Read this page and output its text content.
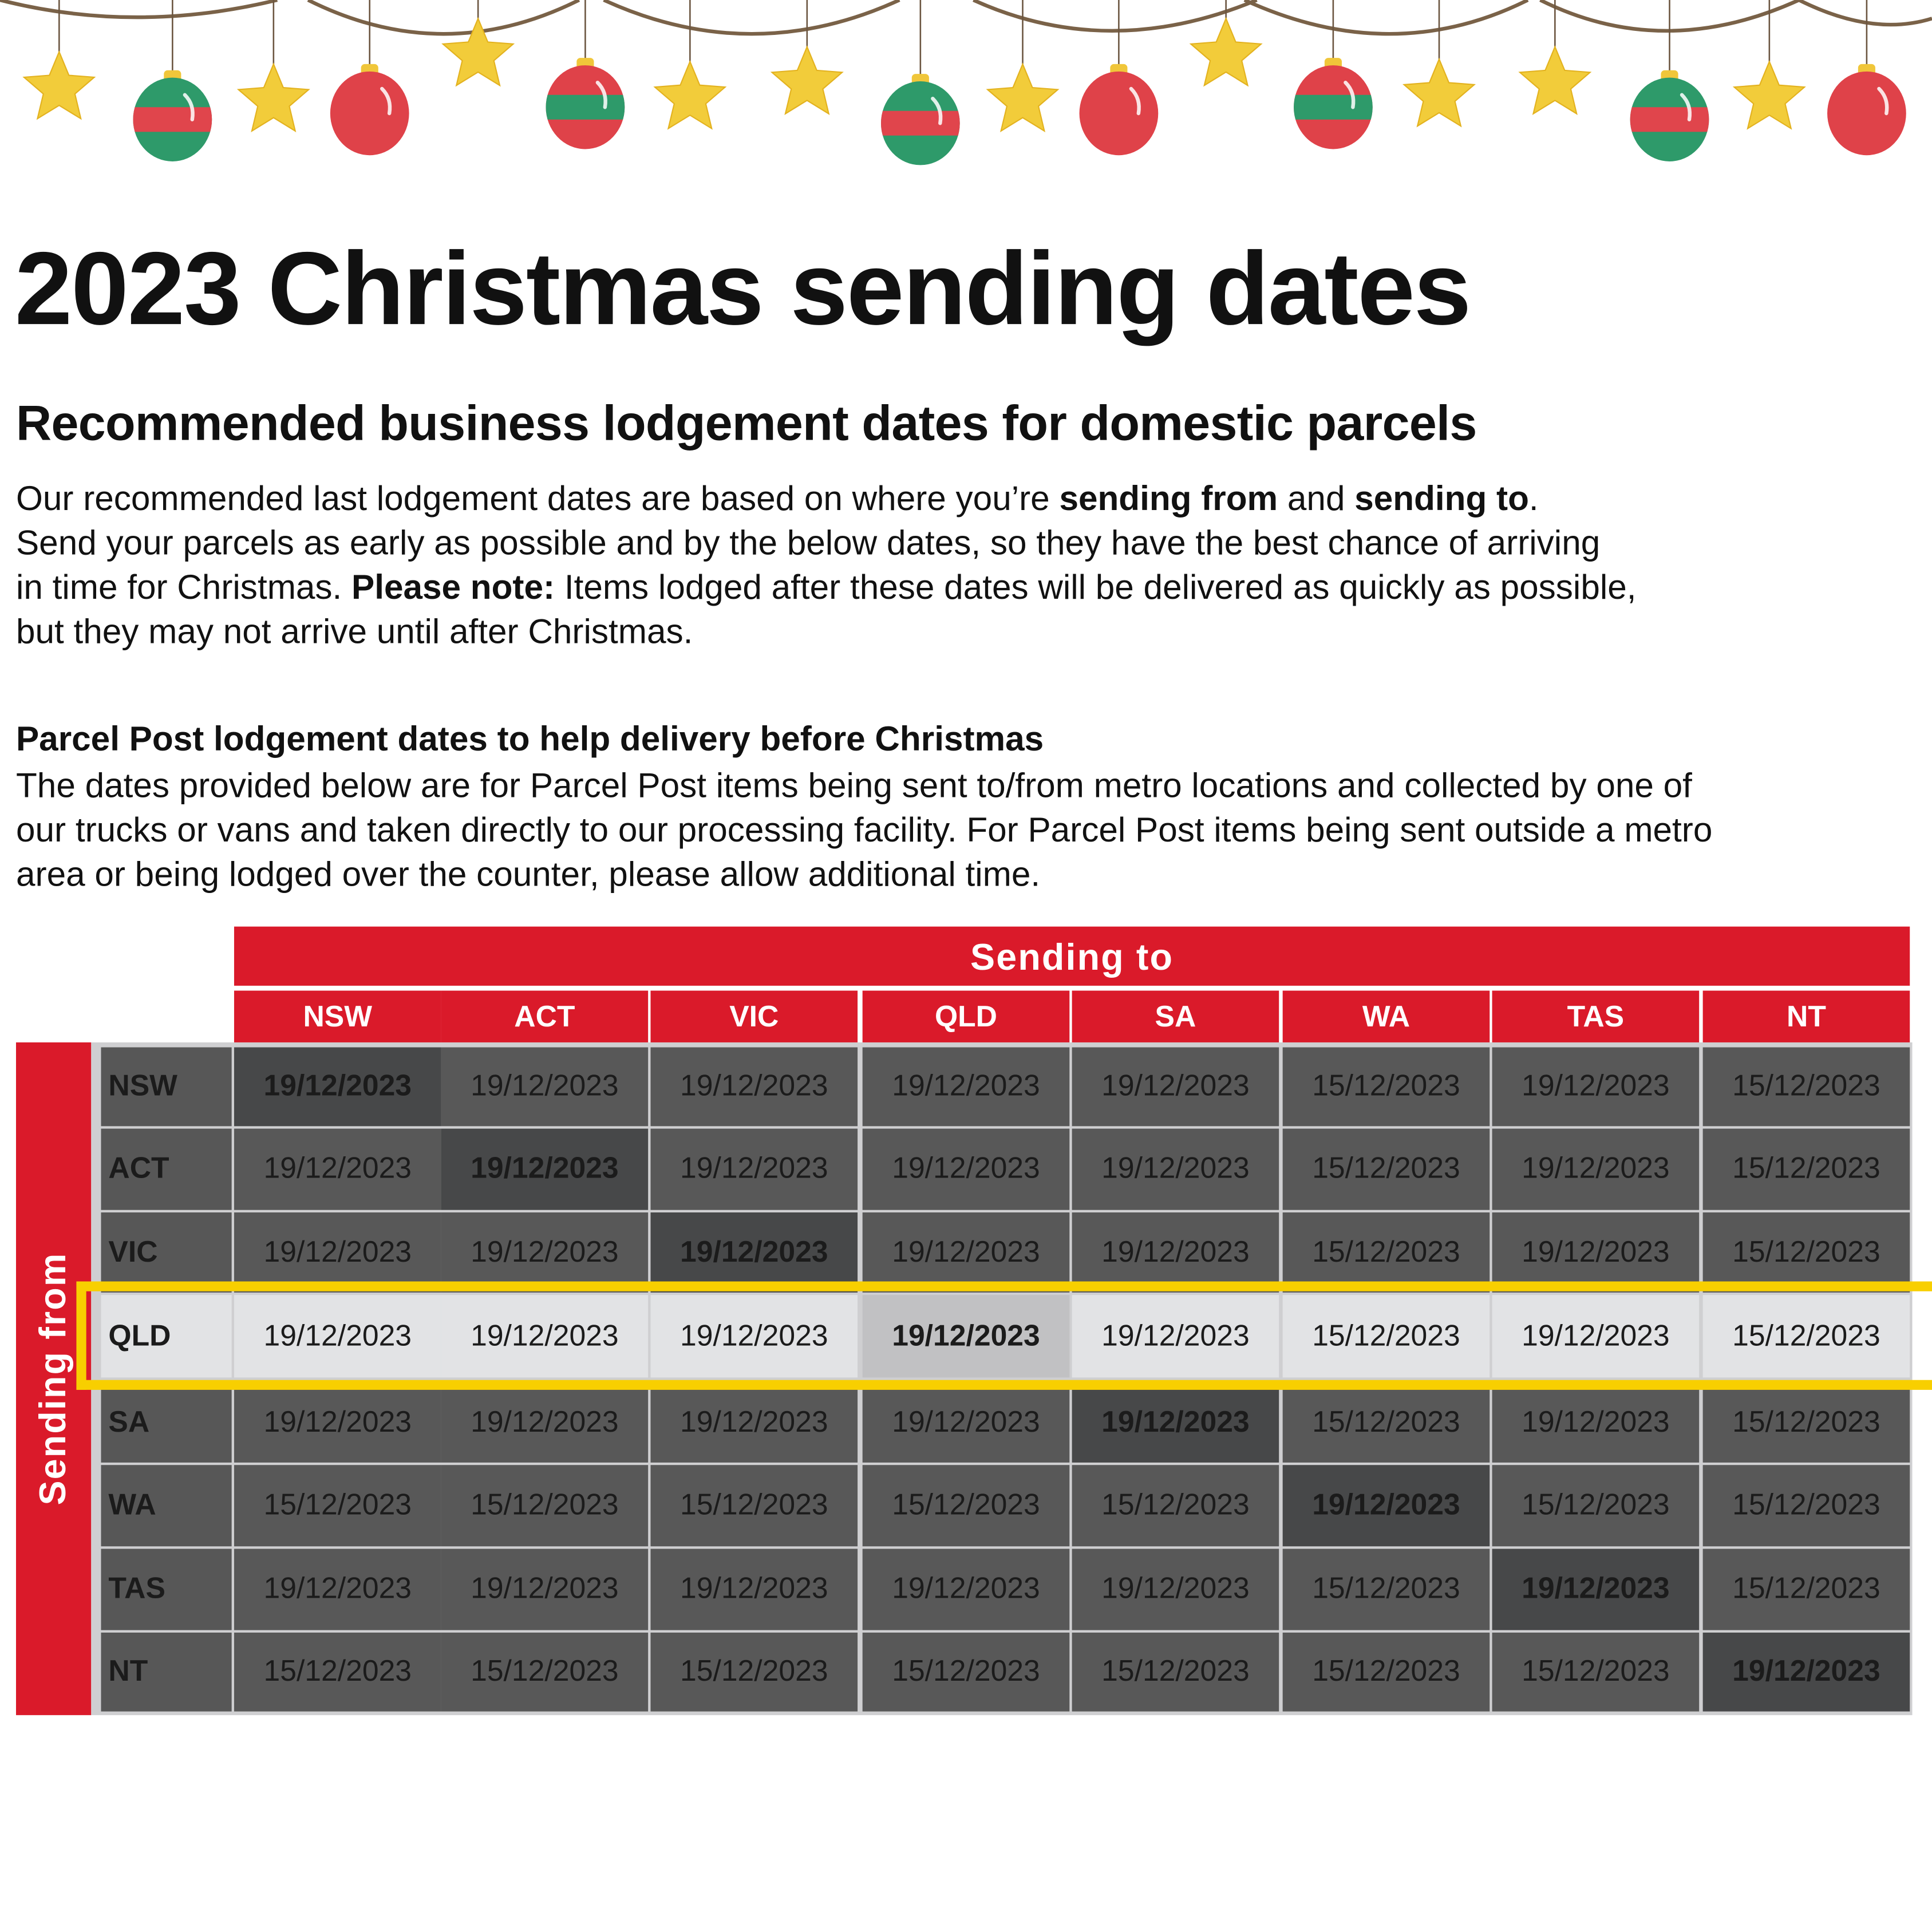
2023 Christmas sending dates
Recommended business lodgement dates for domestic parcels
Our recommended last lodgement dates are based on where you’re sending from and sending to.
Send your parcels as early as possible and by the below dates, so they have the best chance of arriving
in time for Christmas. Please note: Items lodged after these dates will be delivered as quickly as possible,
but they may not arrive until after Christmas.
Parcel Post lodgement dates to help delivery before Christmas
The dates provided below are for Parcel Post items being sent to/from metro locations and collected by one of
our trucks or vans and taken directly to our processing facility. For Parcel Post items being sent outside a metro
area or being lodged over the counter, please allow additional time.
Sending to
Sending from
NSW	ACT	VIC	QLD	SA	WA	TAS	NT
NSW	19/12/2023	19/12/2023	19/12/2023	19/12/2023	19/12/2023	15/12/2023	19/12/2023	15/12/2023
ACT	19/12/2023	19/12/2023	19/12/2023	19/12/2023	19/12/2023	15/12/2023	19/12/2023	15/12/2023
VIC	19/12/2023	19/12/2023	19/12/2023	19/12/2023	19/12/2023	15/12/2023	19/12/2023	15/12/2023
QLD	19/12/2023	19/12/2023	19/12/2023	19/12/2023	19/12/2023	15/12/2023	19/12/2023	15/12/2023
SA	19/12/2023	19/12/2023	19/12/2023	19/12/2023	19/12/2023	15/12/2023	19/12/2023	15/12/2023
WA	15/12/2023	15/12/2023	15/12/2023	15/12/2023	15/12/2023	19/12/2023	15/12/2023	15/12/2023
TAS	19/12/2023	19/12/2023	19/12/2023	19/12/2023	19/12/2023	15/12/2023	19/12/2023	15/12/2023
NT	15/12/2023	15/12/2023	15/12/2023	15/12/2023	15/12/2023	15/12/2023	15/12/2023	19/12/2023
